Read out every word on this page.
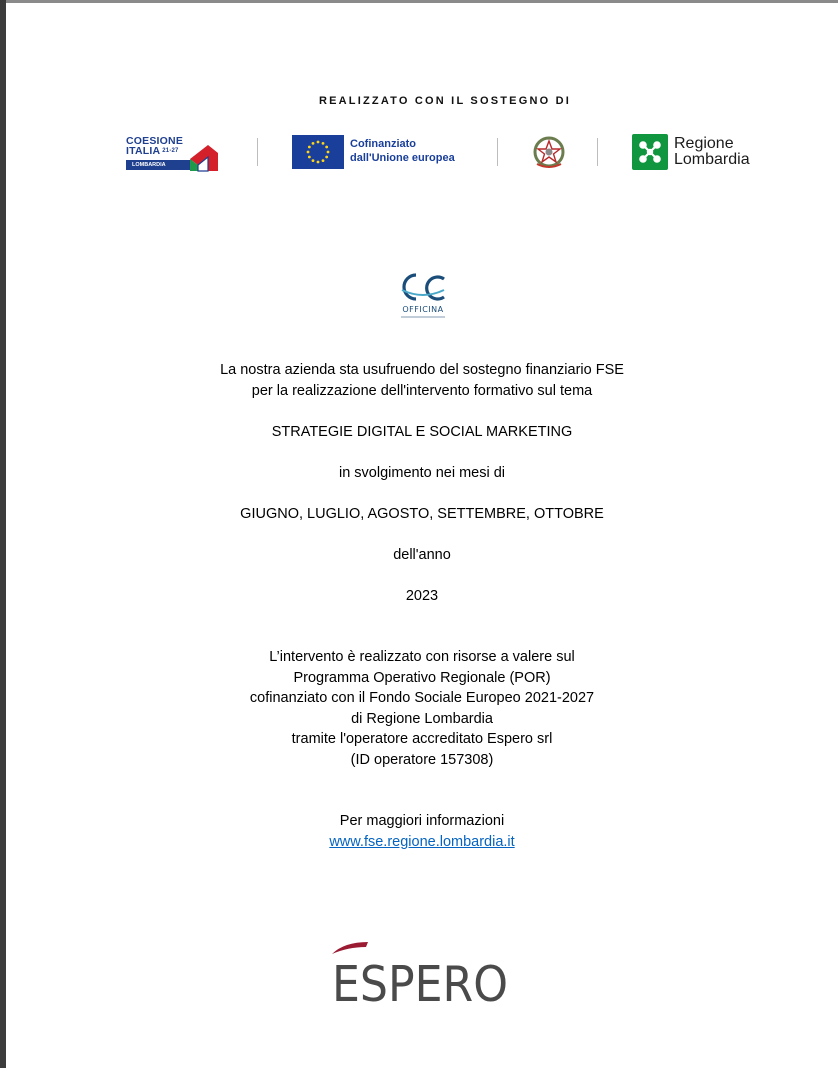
REALIZZATO CON IL SOSTEGNO DI
COESIONE
ITALIA $^{21-27}$
LOMBARDIA
Cofinanziato
dall'Unione europea
Regione
Lombardia
OFFICINA

La nostra azienda sta usufruendo del sostegno finanziario FSE

per la realizzazione dell'intervento formativo sul tema

STRATEGIE DIGITAL E SOCIAL MARKETING

in svolgimento nei mesi di

GIUGNO, LUGLIO, AGOSTO, SETTEMBRE, OTTOBRE

dell'anno

2023

L’intervento è realizzato con risorse a valere sul

Programma Operativo Regionale (POR)

cofinanziato con il Fondo Sociale Europeo 2021-2027

di Regione Lombardia

tramite l'operatore accreditato Espero srl

(ID operatore 157308)

Per maggiori informazioni

www.fse.regione.lombardia.it

ESPERO
